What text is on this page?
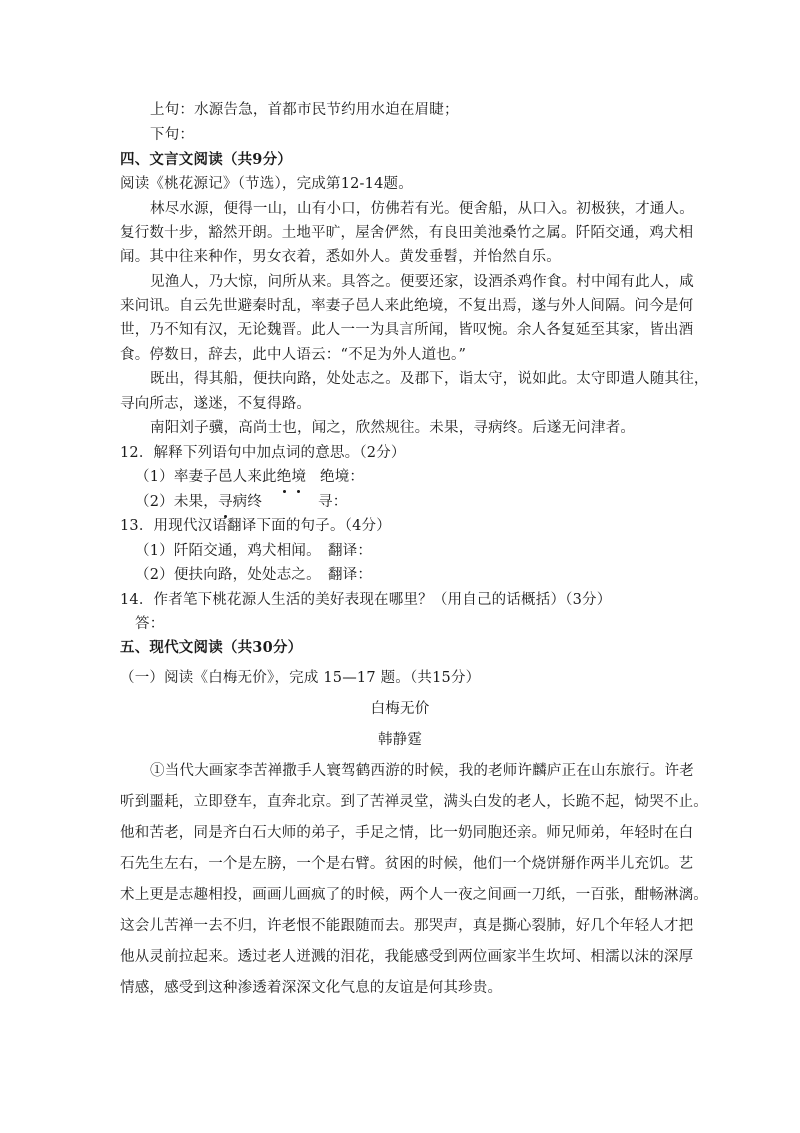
上句：水源告急，首都市民节约用水迫在眉睫；
下句：
四、文言文阅读（共9分）
阅读《桃花源记》（节选），完成第12-14题。
林尽水源，便得一山，山有小口，仿佛若有光。便舍船，从口入。初极狭，才通人。
复行数十步，豁然开朗。土地平旷，屋舍俨然，有良田美池桑竹之属。阡陌交通，鸡犬相
闻。其中往来种作，男女衣着，悉如外人。黄发垂髫，并怡然自乐。
见渔人，乃大惊，问所从来。具答之。便要还家，设酒杀鸡作食。村中闻有此人，咸
来问讯。自云先世避秦时乱，率妻子邑人来此绝境，不复出焉，遂与外人间隔。问今是何
世，乃不知有汉，无论魏晋。此人一一为具言所闻，皆叹惋。余人各复延至其家，皆出酒
食。停数日，辞去，此中人语云：“不足为外人道也。”
既出，得其船，便扶向路，处处志之。及郡下，诣太守，说如此。太守即遣人随其往，
寻向所志，遂迷，不复得路。
南阳刘子骥，高尚士也，闻之，欣然规往。未果，寻病终。后遂无问津者。
12．解释下列语句中加点词的意思。（2分）
（1）率妻子邑人来此绝境 绝境：
（2）未果，寻病终	寻：
13．用现代汉语翻译下面的句子。（4分）
（1）阡陌交通，鸡犬相闻。 翻译：
（2）便扶向路，处处志之。 翻译：
14．作者笔下桃花源人生活的美好表现在哪里？（用自己的话概括）（3分）
答：
五、现代文阅读（共30分）
（一）阅读《白梅无价》，完成 15—17 题。（共15分）
白梅无价
韩静霆
①当代大画家李苦禅撒手人寰驾鹤西游的时候，我的老师许麟庐正在山东旅行。许老
听到噩耗，立即登车，直奔北京。到了苦禅灵堂，满头白发的老人，长跪不起，恸哭不止。
他和苦老，同是齐白石大师的弟子，手足之情，比一奶同胞还亲。师兄师弟，年轻时在白
石先生左右，一个是左膀，一个是右臂。贫困的时候，他们一个烧饼掰作两半儿充饥。艺
术上更是志趣相投，画画儿画疯了的时候，两个人一夜之间画一刀纸，一百张，酣畅淋漓。
这会儿苦禅一去不归，许老恨不能跟随而去。那哭声，真是撕心裂肺，好几个年轻人才把
他从灵前拉起来。透过老人迸溅的泪花，我能感受到两位画家半生坎坷、相濡以沫的深厚
情感，感受到这种渗透着深深文化气息的友谊是何其珍贵。
